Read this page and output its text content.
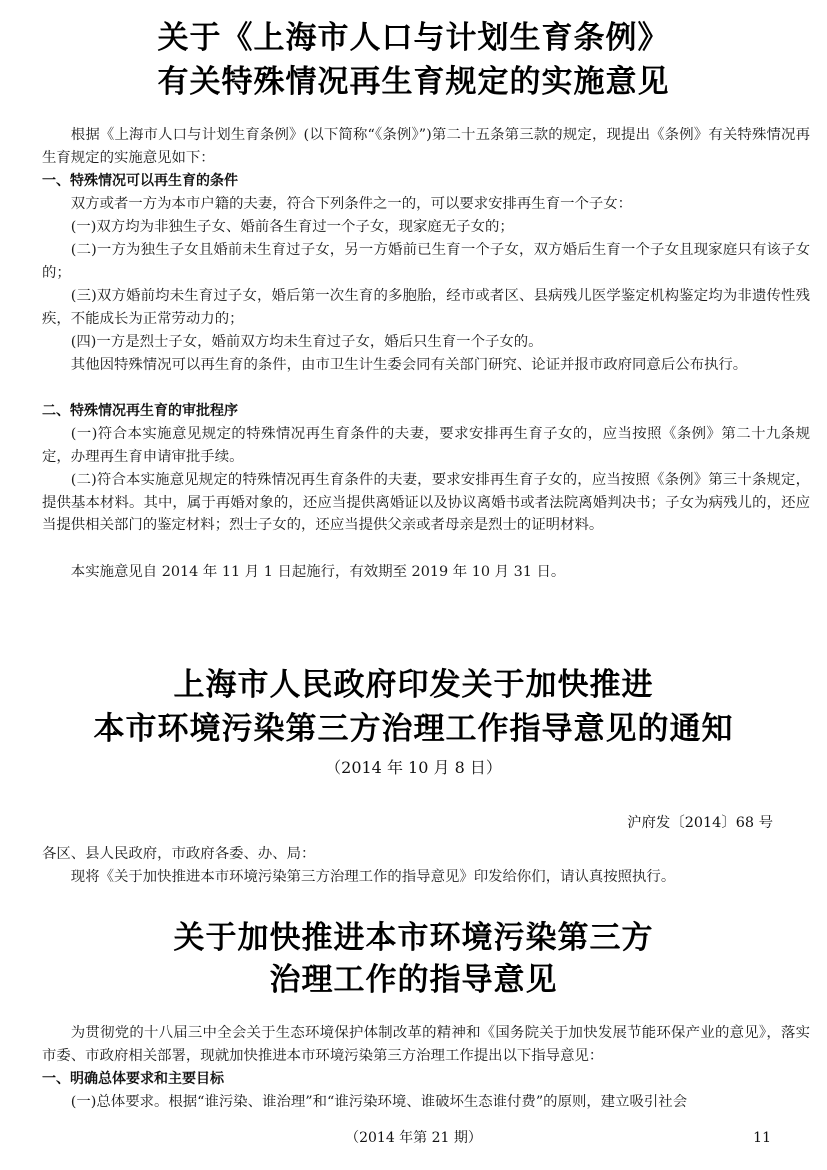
关于《上海市人口与计划生育条例》
有关特殊情况再生育规定的实施意见
根据《上海市人口与计划生育条例》(以下简称“《条例》”)第二十五条第三款的规定，现提出《条例》有关特殊情况再生育规定的实施意见如下：
一、特殊情况可以再生育的条件
双方或者一方为本市户籍的夫妻，符合下列条件之一的，可以要求安排再生育一个子女：
(一)双方均为非独生子女、婚前各生育过一个子女，现家庭无子女的；
(二)一方为独生子女且婚前未生育过子女，另一方婚前已生育一个子女，双方婚后生育一个子女且现家庭只有该子女的；
(三)双方婚前均未生育过子女，婚后第一次生育的多胞胎，经市或者区、县病残儿医学鉴定机构鉴定均为非遗传性残疾，不能成长为正常劳动力的；
(四)一方是烈士子女，婚前双方均未生育过子女，婚后只生育一个子女的。
其他因特殊情况可以再生育的条件，由市卫生计生委会同有关部门研究、论证并报市政府同意后公布执行。
二、特殊情况再生育的审批程序
(一)符合本实施意见规定的特殊情况再生育条件的夫妻，要求安排再生育子女的，应当按照《条例》第二十九条规定，办理再生育申请审批手续。
(二)符合本实施意见规定的特殊情况再生育条件的夫妻，要求安排再生育子女的，应当按照《条例》第三十条规定，提供基本材料。其中，属于再婚对象的，还应当提供离婚证以及协议离婚书或者法院离婚判决书；子女为病残儿的，还应当提供相关部门的鉴定材料；烈士子女的，还应当提供父亲或者母亲是烈士的证明材料。
本实施意见自 2014 年 11 月 1 日起施行，有效期至 2019 年 10 月 31 日。
上海市人民政府印发关于加快推进
本市环境污染第三方治理工作指导意见的通知
（2014 年 10 月 8 日）
沪府发〔2014〕68 号
各区、县人民政府，市政府各委、办、局：
现将《关于加快推进本市环境污染第三方治理工作的指导意见》印发给你们，请认真按照执行。
关于加快推进本市环境污染第三方
治理工作的指导意见
为贯彻党的十八届三中全会关于生态环境保护体制改革的精神和《国务院关于加快发展节能环保产业的意见》，落实市委、市政府相关部署，现就加快推进本市环境污染第三方治理工作提出以下指导意见：
一、明确总体要求和主要目标
(一)总体要求。根据“谁污染、谁治理”和“谁污染环境、谁破坏生态谁付费”的原则，建立吸引社会
（2014 年第 21 期）	11
